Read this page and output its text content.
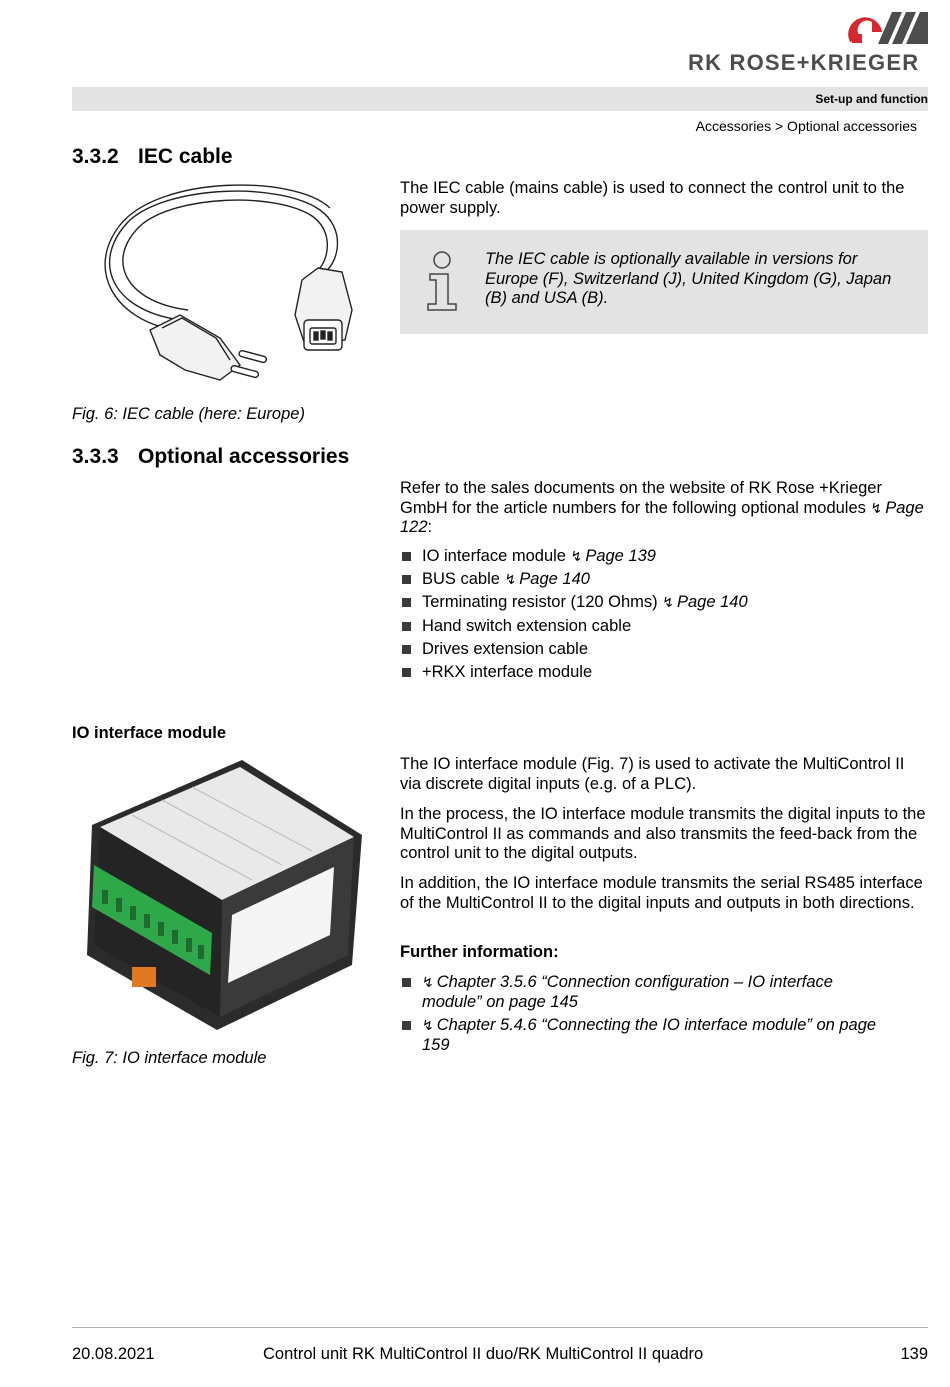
RK ROSE+KRIEGER
Set-up and function
Accessories > Optional accessories
3.3.2 IEC cable
The IEC cable (mains cable) is used to connect the control unit to the power supply.
The IEC cable is optionally available in versions for Europe (F), Switzerland (J), United Kingdom (G), Japan (B) and USA (B).
Fig. 6: IEC cable (here: Europe)
3.3.3 Optional accessories
Refer to the sales documents on the website of RK Rose +Krieger GmbH for the article numbers for the following optional modules ↯ Page 122:
IO interface module ↯ Page 139
BUS cable ↯ Page 140
Terminating resistor (120 Ohms) ↯ Page 140
Hand switch extension cable
Drives extension cable
+RKX interface module
IO interface module
The IO interface module (Fig. 7) is used to activate the MultiControl II via discrete digital inputs (e.g. of a PLC).
In the process, the IO interface module transmits the digital inputs to the MultiControl II as commands and also transmits the feed-back from the control unit to the digital outputs.
In addition, the IO interface module transmits the serial RS485 interface of the MultiControl II to the digital inputs and outputs in both directions.
Further information:
↯ Chapter 3.5.6 “Connection configuration – IO interface module” on page 145
↯ Chapter 5.4.6 “Connecting the IO interface module” on page 159
Fig. 7: IO interface module
20.08.2021	Control unit RK MultiControl II duo/RK MultiControl II quadro	139
